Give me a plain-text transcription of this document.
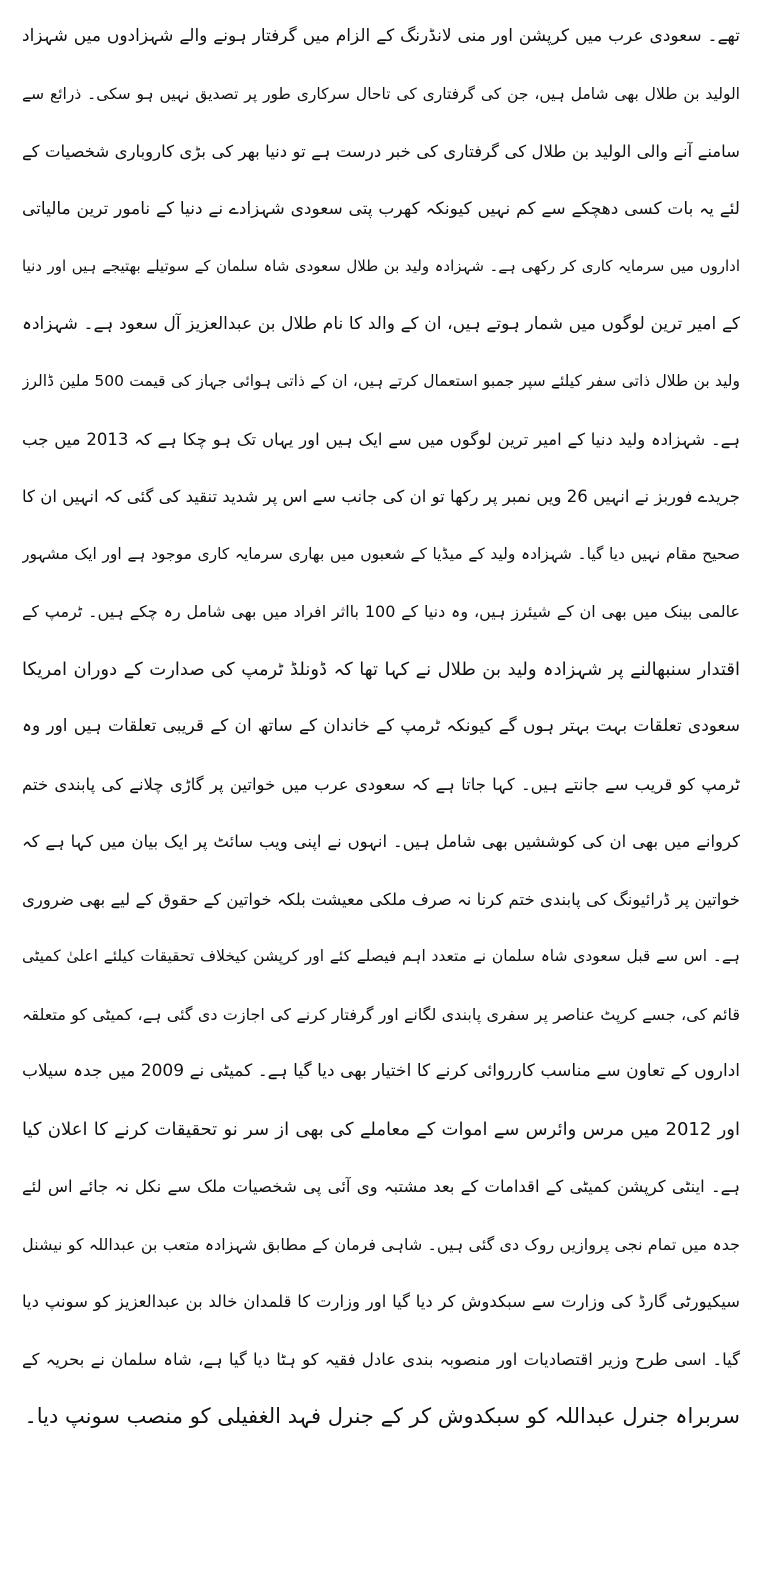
تھے۔ سعودی عرب میں کرپشن اور منی لانڈرنگ کے الزام میں گرفتار ہونے والے شہزادوں میں شہزاد
الولید بن طلال بھی شامل ہیں، جن کی گرفتاری کی تاحال سرکاری طور پر تصدیق نہیں ہو سکی۔ ذرائع سے
سامنے آنے والی الولید بن طلال کی گرفتاری کی خبر درست ہے تو دنیا بھر کی بڑی کاروباری شخصیات کے
لئے یہ بات کسی دھچکے سے کم نہیں کیونکہ کھرب پتی سعودی شہزادے نے دنیا کے نامور ترین مالیاتی
اداروں میں سرمایہ کاری کر رکھی ہے۔ شہزادہ ولید بن طلال سعودی شاہ سلمان کے سوتیلے بھتیجے ہیں اور دنیا
کے امیر ترین لوگوں میں شمار ہوتے ہیں، ان کے والد کا نام طلال بن عبدالعزیز آل سعود ہے۔ شہزادہ
ولید بن طلال ذاتی سفر کیلئے سپر جمبو استعمال کرتے ہیں، ان کے ذاتی ہوائی جہاز کی قیمت 500 ملین ڈالرز
ہے۔ شہزادہ ولید دنیا کے امیر ترین لوگوں میں سے ایک ہیں اور یہاں تک ہو چکا ہے کہ 2013 میں جب
جریدے فوربز نے انہیں 26 ویں نمبر پر رکھا تو ان کی جانب سے اس پر شدید تنقید کی گئی کہ انہیں ان کا
صحیح مقام نہیں دیا گیا۔ شہزادہ ولید کے میڈیا کے شعبوں میں بھاری سرمایہ کاری موجود ہے اور ایک مشہور
عالمی بینک میں بھی ان کے شیئرز ہیں، وہ دنیا کے 100 بااثر افراد میں بھی شامل رہ چکے ہیں۔ ٹرمپ کے
اقتدار سنبھالنے پر شہزادہ ولید بن طلال نے کہا تھا کہ ڈونلڈ ٹرمپ کی صدارت کے دوران امریکا
سعودی تعلقات بہت بہتر ہوں گے کیونکہ ٹرمپ کے خاندان کے ساتھ ان کے قریبی تعلقات ہیں اور وہ
ٹرمپ کو قریب سے جانتے ہیں۔ کہا جاتا ہے کہ سعودی عرب میں خواتین پر گاڑی چلانے کی پابندی ختم
کروانے میں بھی ان کی کوششیں بھی شامل ہیں۔ انہوں نے اپنی ویب سائٹ پر ایک بیان میں کہا ہے کہ
خواتین پر ڈرائیونگ کی پابندی ختم کرنا نہ صرف ملکی معیشت بلکہ خواتین کے حقوق کے لیے بھی ضروری
ہے۔ اس سے قبل سعودی شاہ سلمان نے متعدد اہم فیصلے کئے اور کرپشن کیخلاف تحقیقات کیلئے اعلیٰ کمیٹی
قائم کی، جسے کرپٹ عناصر پر سفری پابندی لگانے اور گرفتار کرنے کی اجازت دی گئی ہے، کمیٹی کو متعلقہ
اداروں کے تعاون سے مناسب کارروائی کرنے کا اختیار بھی دیا گیا ہے۔ کمیٹی نے 2009 میں جدہ سیلاب
اور 2012 میں مرس وائرس سے اموات کے معاملے کی بھی از سر نو تحقیقات کرنے کا اعلان کیا
ہے۔ اینٹی کرپشن کمیٹی کے اقدامات کے بعد مشتبہ وی آئی پی شخصیات ملک سے نکل نہ جائے اس لئے
جدہ میں تمام نجی پروازیں روک دی گئی ہیں۔ شاہی فرمان کے مطابق شہزادہ متعب بن عبداللہ کو نیشنل
سیکیورٹی گارڈ کی وزارت سے سبکدوش کر دیا گیا اور وزارت کا قلمدان خالد بن عبدالعزیز کو سونپ دیا
گیا۔ اسی طرح وزیر اقتصادیات اور منصوبہ بندی عادل فقیہ کو ہٹا دیا گیا ہے، شاہ سلمان نے بحریہ کے
سربراہ جنرل عبداللہ کو سبکدوش کر کے جنرل فہد الغفیلی کو منصب سونپ دیا۔
